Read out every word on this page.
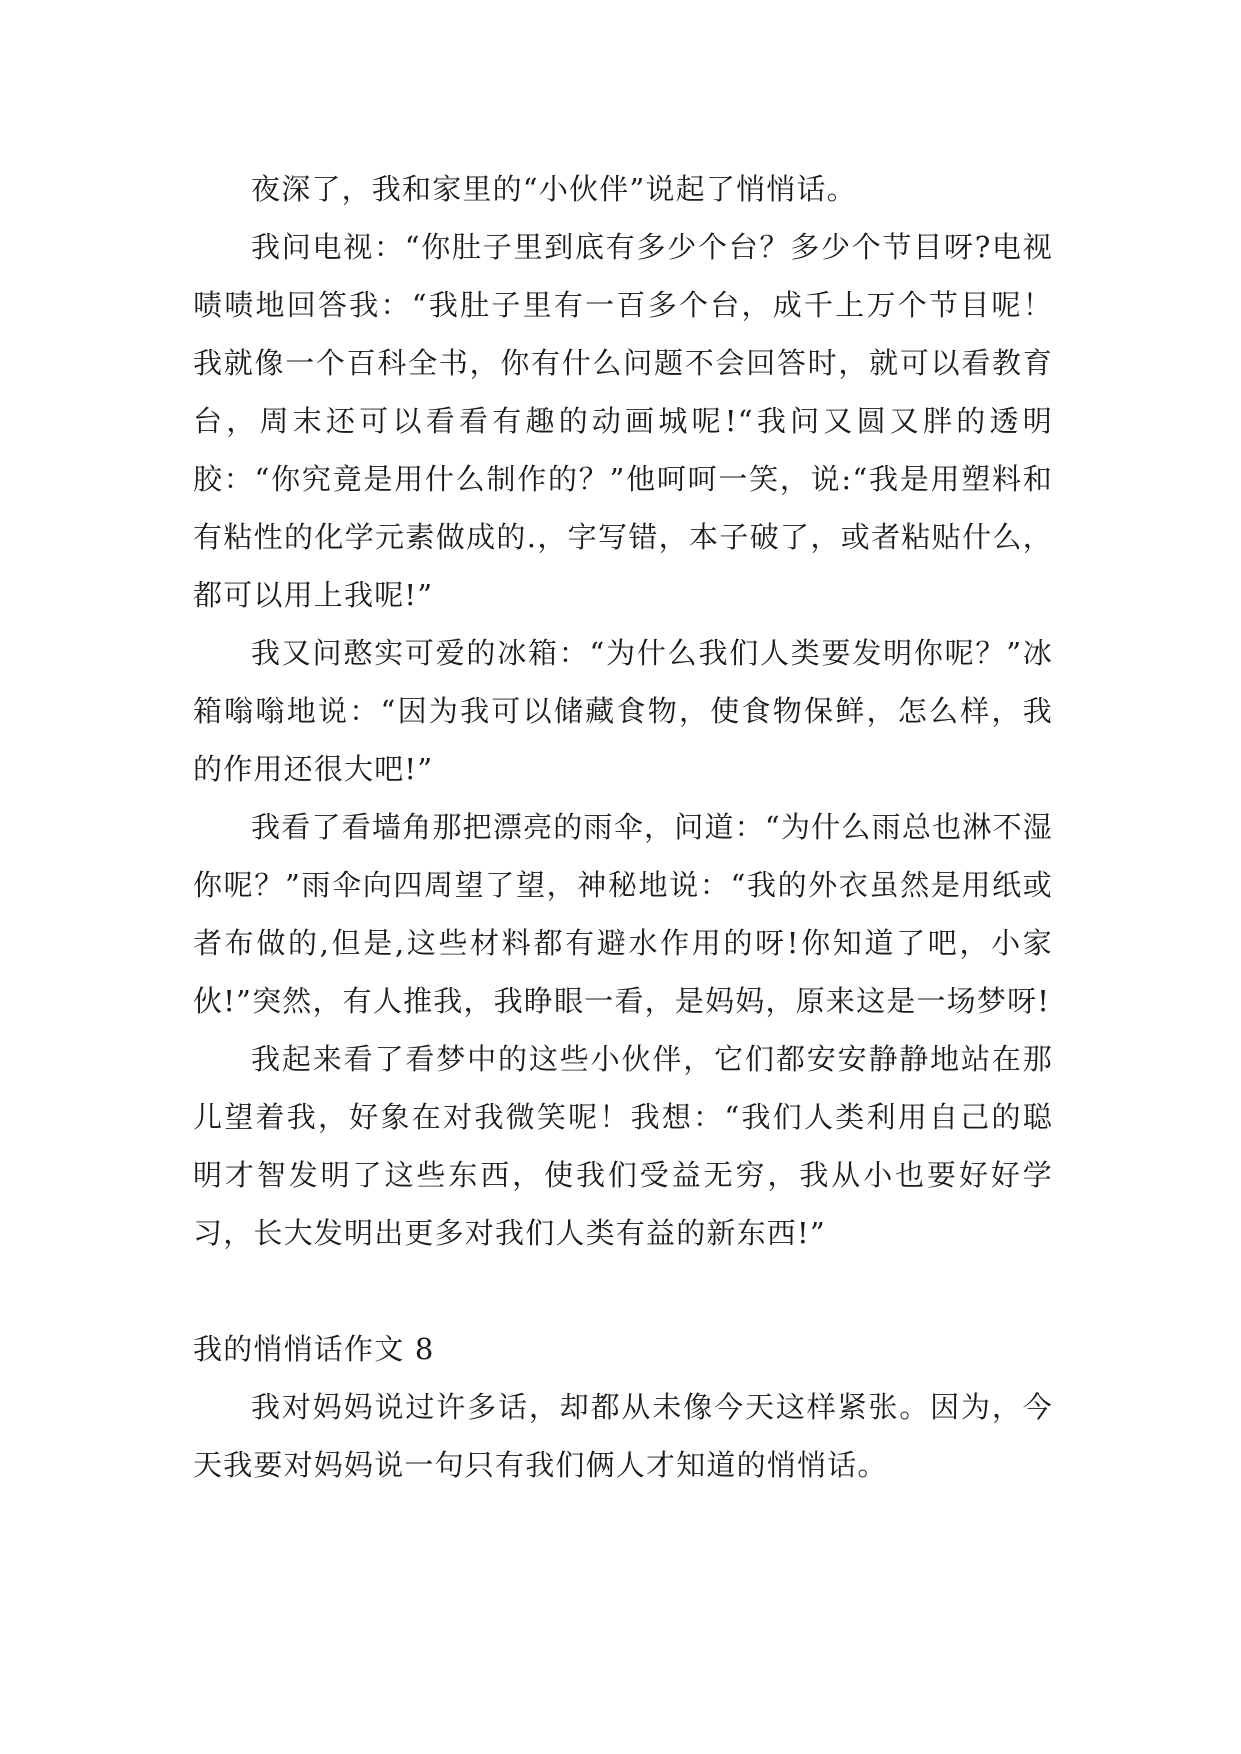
夜深了，我和家里的“小伙伴”说起了悄悄话。

我问电视：“你肚子里到底有多少个台？多少个节目呀?电视啧啧地回答我：“我肚子里有一百多个台，成千上万个节目呢！我就像一个百科全书，你有什么问题不会回答时，就可以看教育台，周末还可以看看有趣的动画城呢!“我问又圆又胖的透明胶：“你究竟是用什么制作的？”他呵呵一笑，说:“我是用塑料和有粘性的化学元素做成的.，字写错，本子破了，或者粘贴什么，都可以用上我呢!”

我又问憨实可爱的冰箱：“为什么我们人类要发明你呢？”冰箱嗡嗡地说：“因为我可以储藏食物，使食物保鲜，怎么样，我的作用还很大吧!”

我看了看墙角那把漂亮的雨伞，问道：“为什么雨总也淋不湿你呢？”雨伞向四周望了望，神秘地说：“我的外衣虽然是用纸或者布做的,但是,这些材料都有避水作用的呀!你知道了吧，小家伙!”突然，有人推我，我睁眼一看，是妈妈，原来这是一场梦呀!

我起来看了看梦中的这些小伙伴，它们都安安静静地站在那儿望着我，好象在对我微笑呢！我想：“我们人类利用自己的聪明才智发明了这些东西，使我们受益无穷，我从小也要好好学习，长大发明出更多对我们人类有益的新东西!”

我的悄悄话作文 8

我对妈妈说过许多话，却都从未像今天这样紧张。因为，今天我要对妈妈说一句只有我们俩人才知道的悄悄话。
